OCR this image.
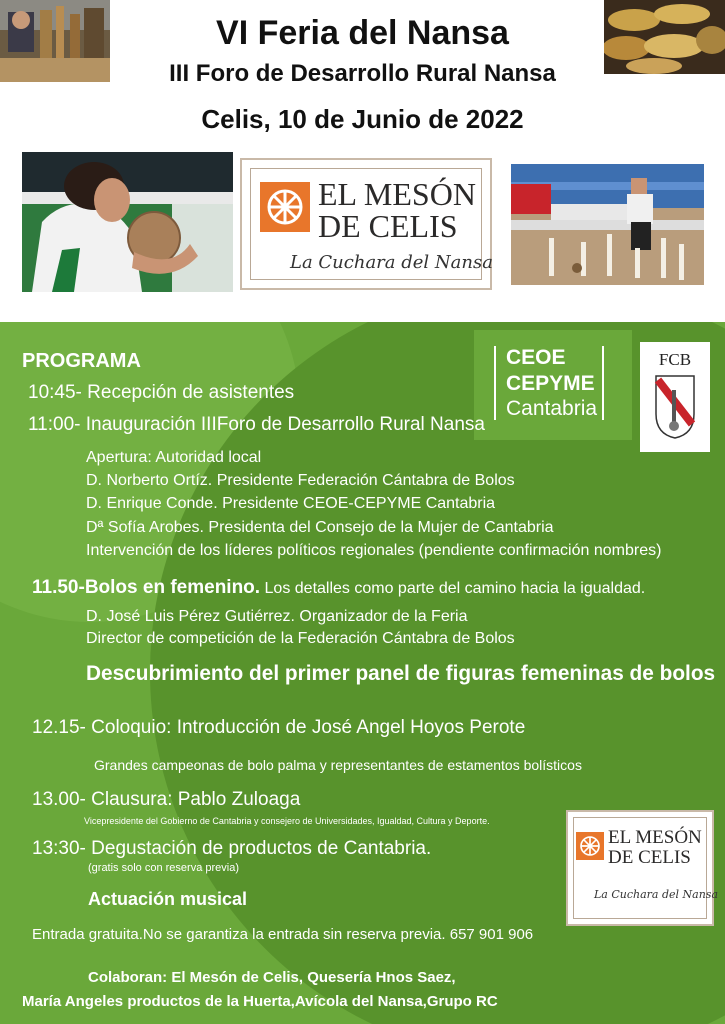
VI Feria del Nansa
III Foro de Desarrollo Rural Nansa
Celis, 10 de Junio de 2022
EL MESÓN
DE CELIS
La Cuchara del Nansa
CEOE
CEPYME
Cantabria
FCB
PROGRAMA
10:45- Recepción de asistentes
11:00- Inauguración IIIForo de Desarrollo Rural Nansa
Apertura: Autoridad local
D. Norberto Ortíz. Presidente Federación Cántabra de Bolos
D. Enrique Conde. Presidente CEOE-CEPYME Cantabria
Dª Sofía Arobes. Presidenta del Consejo de la Mujer de Cantabria
Intervención de los líderes políticos regionales (pendiente confirmación nombres)
11.50-Bolos en femenino. Los detalles como parte del camino hacia la igualdad.
D. José Luis Pérez Gutiérrez. Organizador de la Feria
Director de competición de la Federación Cántabra de Bolos
Descubrimiento del primer panel de figuras femeninas de bolos
12.15- Coloquio: Introducción de José Angel Hoyos Perote
Grandes campeonas de bolo palma y representantes de estamentos bolísticos
13.00- Clausura: Pablo Zuloaga
Vicepresidente del Gobierno de Cantabria y consejero de Universidades, Igualdad, Cultura y Deporte.
13:30- Degustación de productos de Cantabria.
(gratis solo con reserva previa)
Actuación musical
Entrada gratuita.No se garantiza la entrada sin reserva previa. 657 901 906
Colaboran: El Mesón de Celis, Quesería Hnos Saez,
María Angeles productos de la Huerta,Avícola del Nansa,Grupo RC
EL MESÓN
DE CELIS
La Cuchara del Nansa
